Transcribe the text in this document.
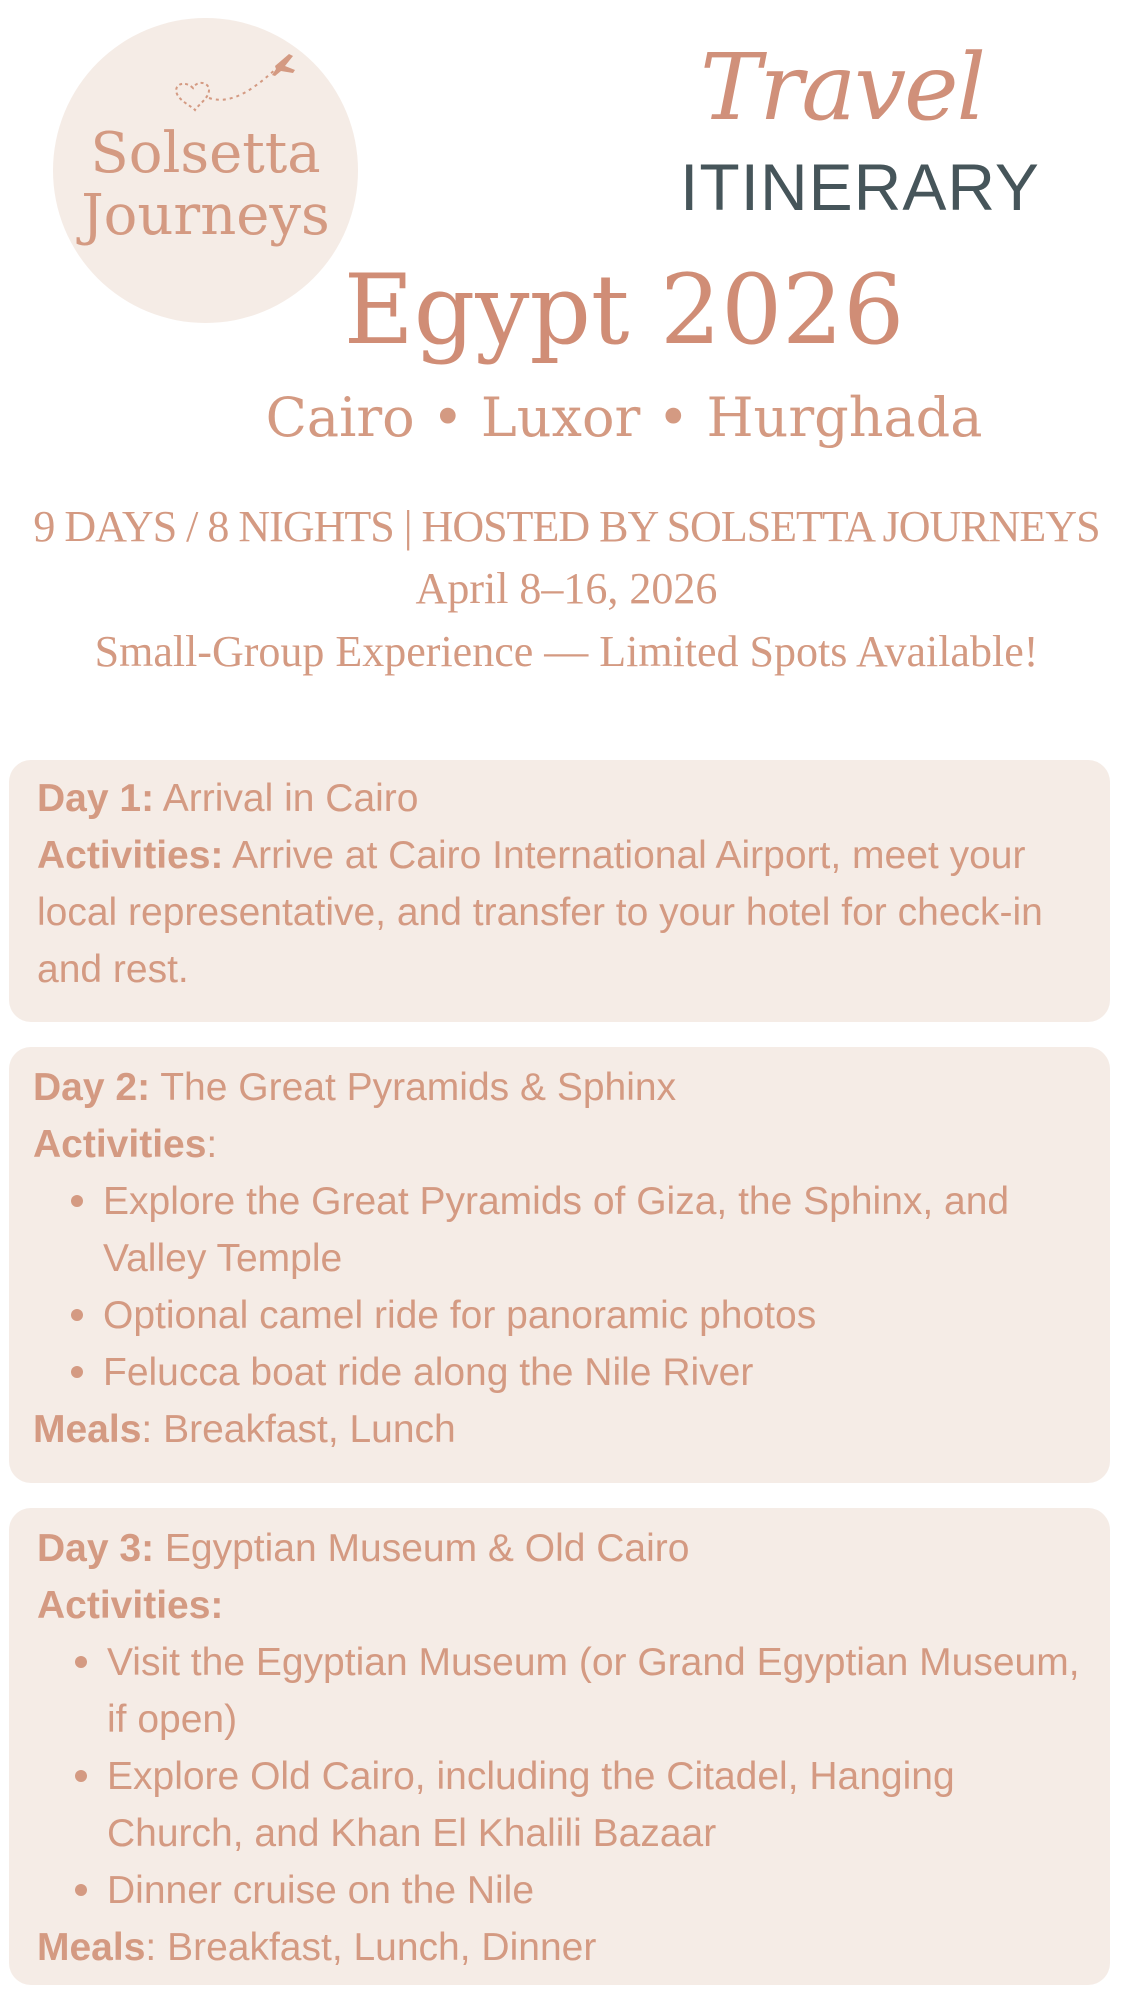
Solsetta
Journeys
Travel
ITINERARY
Egypt 2026
Cairo • Luxor • Hurghada
9 DAYS / 8 NIGHTS | HOSTED BY SOLSETTA JOURNEYS
April 8–16, 2026
Small-Group Experience — Limited Spots Available!

Day 1: Arrival in Cairo

Activities: Arrive at Cairo International Airport, meet your local representative, and transfer to your hotel for check-in and rest.

Day 2: The Great Pyramids & Sphinx

Activities:

Explore the Great Pyramids of Giza, the Sphinx, and Valley Temple
Optional camel ride for panoramic photos
Felucca boat ride along the Nile River

Meals: Breakfast, Lunch

Day 3: Egyptian Museum & Old Cairo

Activities:

Visit the Egyptian Museum (or Grand Egyptian Museum, if open)
Explore Old Cairo, including the Citadel, Hanging Church, and Khan El Khalili Bazaar
Dinner cruise on the Nile

Meals: Breakfast, Lunch, Dinner
